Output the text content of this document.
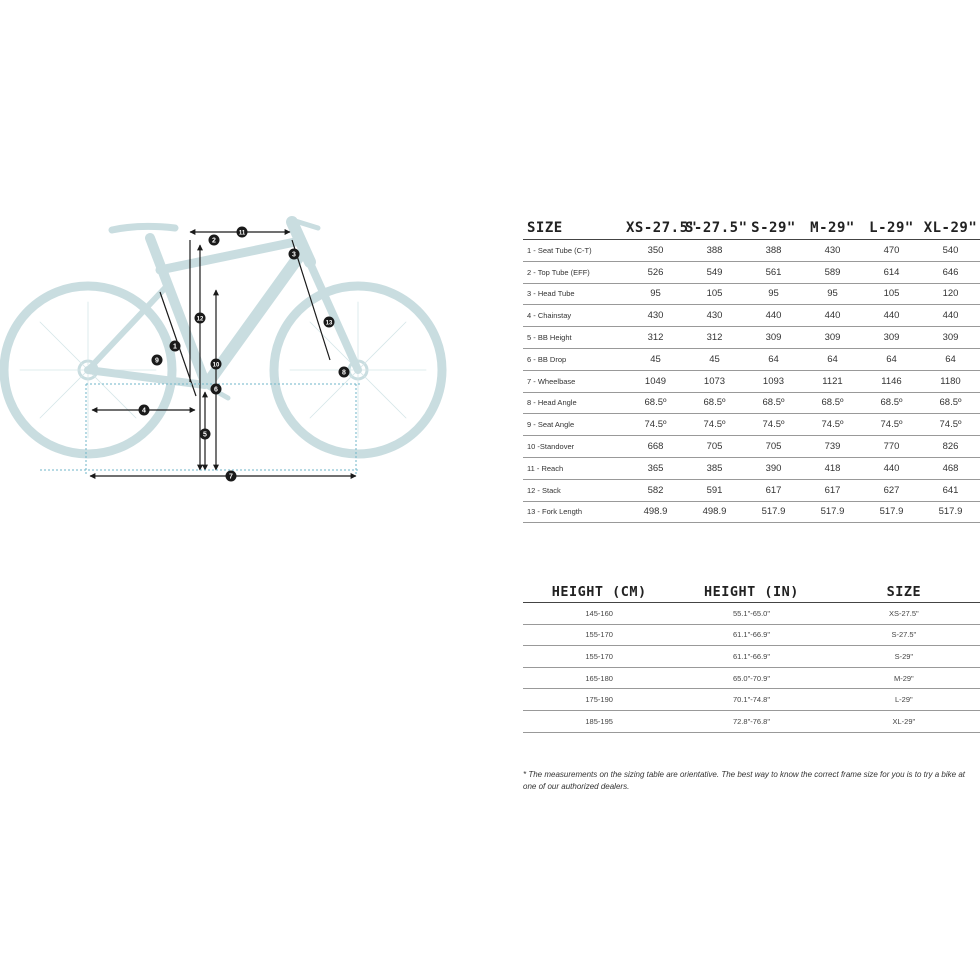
1
2
3
4
5
6
7
8
9
10
11
12
13
SIZE	XS-27.5"	S-27.5"	S-29"	M-29"	L-29"	XL-29"
1 - Seat Tube (C-T)	350	388	388	430	470	540
2 - Top Tube (EFF)	526	549	561	589	614	646
3 - Head Tube	95	105	95	95	105	120
4 - Chainstay	430	430	440	440	440	440
5 - BB Height	312	312	309	309	309	309
6 - BB Drop	45	45	64	64	64	64
7 - Wheelbase	1049	1073	1093	1121	1146	1180
8 - Head Angle	68.5º	68.5º	68.5º	68.5º	68.5º	68.5º
9 - Seat Angle	74.5º	74.5º	74.5º	74.5º	74.5º	74.5º
10 -Standover	668	705	705	739	770	826
11 - Reach	365	385	390	418	440	468
12 - Stack	582	591	617	617	627	641
13 - Fork Length	498.9	498.9	517.9	517.9	517.9	517.9
HEIGHT (CM)	HEIGHT (IN)	SIZE
145-160	55.1"-65.0"	XS-27.5"
155-170	61.1"-66.9"	S-27.5"
155-170	61.1"-66.9"	S-29"
165-180	65.0"-70.9"	M-29"
175-190	70.1"-74.8"	L-29"
185-195	72.8"-76.8"	XL-29"

* The measurements on the sizing table are orientative. The best way to know the correct frame size for you is to try a bike at one of our authorized dealers.
